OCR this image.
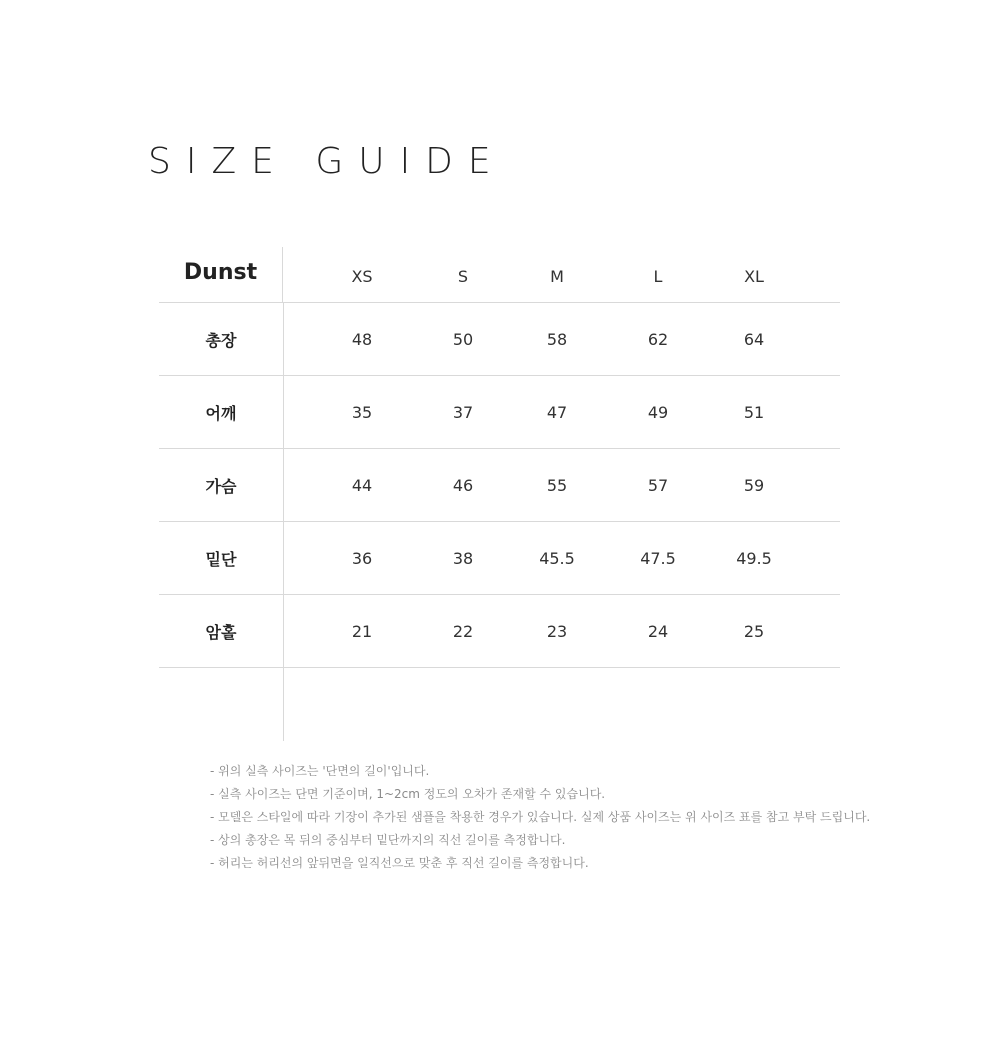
SIZE GUIDE
Dunst	XS	S	M	L	XL
총장	48	50	58	62	64
어깨	35	37	47	49	51
가슴	44	46	55	57	59
밑단	36	38	45.5	47.5	49.5
암홀	21	22	23	24	25
- 위의 실측 사이즈는 '단면의 길이'입니다.
- 실측 사이즈는 단면 기준이며, 1~2cm 정도의 오차가 존재할 수 있습니다.
- 모델은 스타일에 따라 기장이 추가된 샘플을 착용한 경우가 있습니다. 실제 상품 사이즈는 위 사이즈 표를 참고 부탁 드립니다.
- 상의 총장은 목 뒤의 중심부터 밑단까지의 직선 길이를 측정합니다.
- 허리는 허리선의 앞뒤면을 일직선으로 맞춘 후 직선 길이를 측정합니다.
